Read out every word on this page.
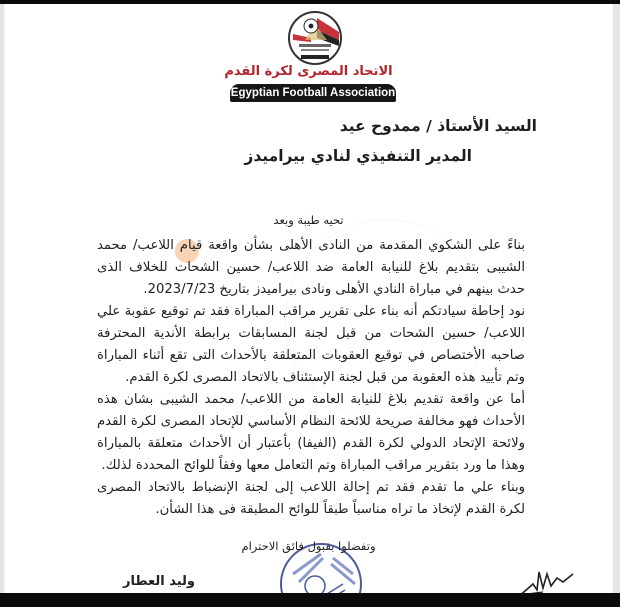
الاتحاد المصرى لكرة القدم
Egyptian Football Association
السيد الأستاذ / ممدوح عيد
المدير التنفيذي لنادي بيراميدز
تحيه طيبة وبعد
بناءً على الشكوي المقدمة من النادى الأهلى بشأن واقعة قيام اللاعب/ محمد الشيبى بتقديم بلاغ للنيابة العامة ضد اللاعب/ حسين الشحات للخلاف الذى حدث بينهم في مباراة النادي الأهلى ونادى بيراميدز بتاريخ 2023/7/23.
نود إحاطة سيادتكم أنه بناء على تقرير مراقب المباراة فقد تم توقيع عقوبة علي اللاعب/ حسين الشحات من قبل لجنة المسابقات برابطة الأندية المحترفة صاحبه الأختصاص في توقيع العقوبات المتعلقة بالأحداث التى تقع أثناء المباراة وتم تأييد هذه العقوبة من قبل لجنة الإستئناف بالاتحاد المصرى لكرة القدم.
أما عن واقعة تقديم بلاغ للنيابة العامة من اللاعب/ محمد الشيبى بشان هذه الأحداث فهو مخالفة صريحة للائحة النظام الأساسي للإتحاد المصرى لكرة القدم ولائحة الإتحاد الدولي لكرة القدم (الفيفا) بأعتبار أن الأحداث متعلقة بالمباراة وهذا ما ورد بتقرير مراقب المباراة وتم التعامل معها وفقاً للوائح المحددة لذلك.
وبناء علي ما تقدم فقد تم إحالة اللاعب إلى لجنة الإنضباط بالاتحاد المصرى لكرة القدم لإتخاذ ما تراه مناسباً طبقاً للوائح المطبقة فى هذا الشأن.
وتفضلوا بقبول فائق الاحترام
وليد العطار
